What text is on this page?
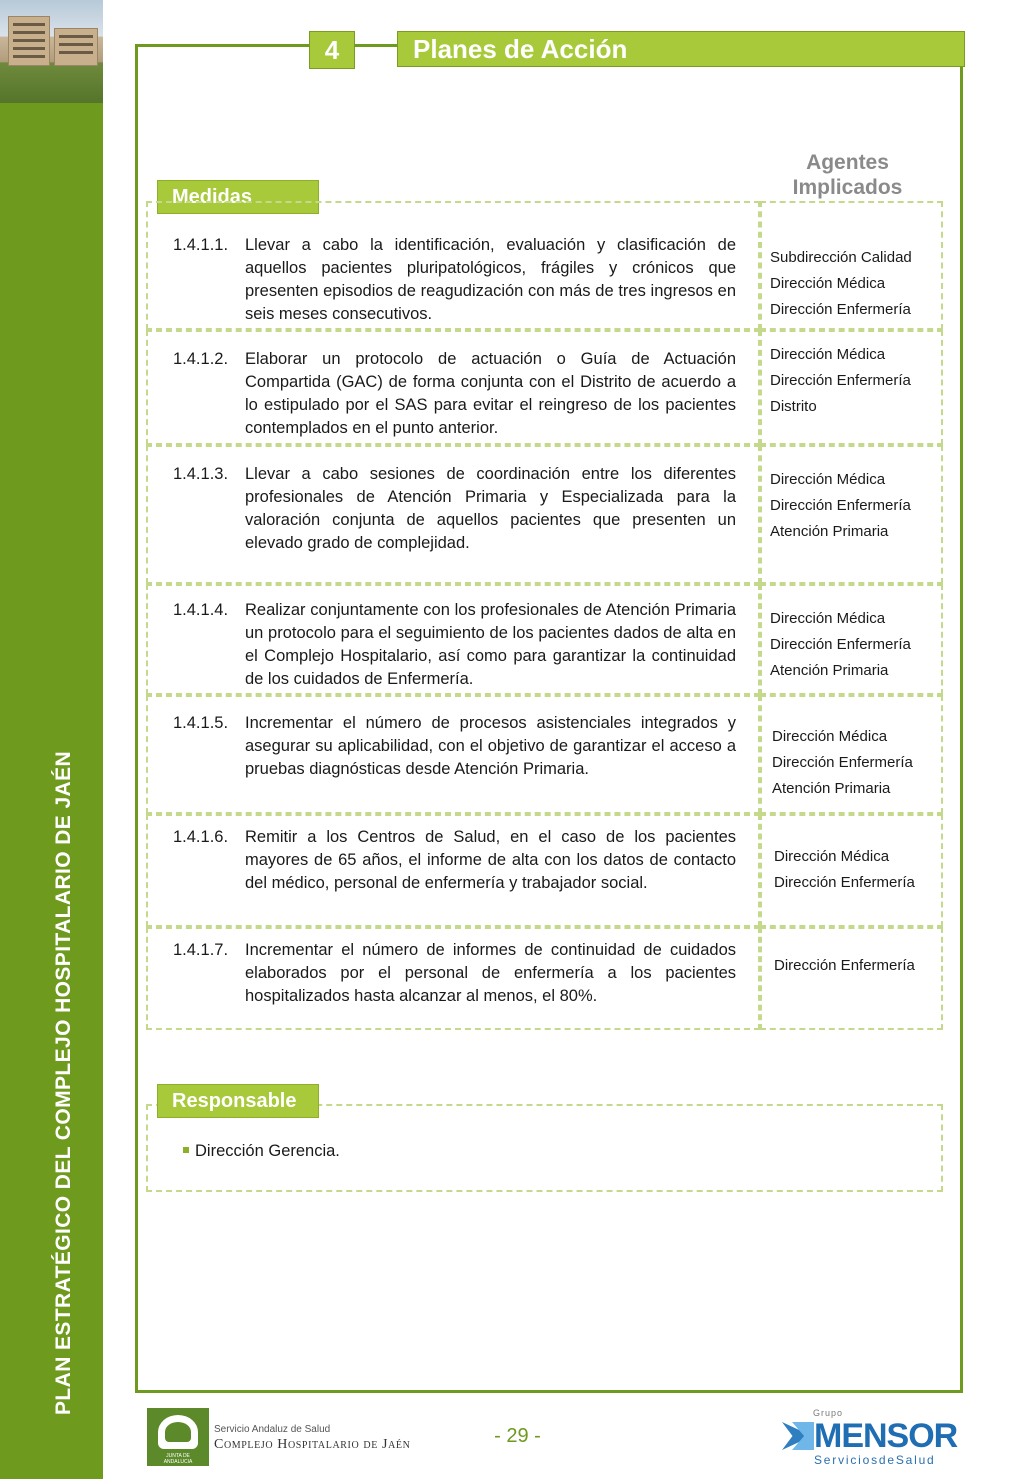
PLAN ESTRATÉGICO DEL COMPLEJO HOSPITALARIO DE JAÉN
4	Planes de Acción
Medidas
Agentes Implicados
1.4.1.1. Llevar a cabo la identificación, evaluación y clasificación de aquellos pacientes pluripatológicos, frágiles y crónicos que presenten episodios de reagudización con más de tres ingresos en seis meses consecutivos.
Subdirección Calidad
Dirección Médica
Dirección Enfermería
1.4.1.2. Elaborar un protocolo de actuación o Guía de Actuación Compartida (GAC) de forma conjunta con el Distrito de acuerdo a lo estipulado por el SAS para evitar el reingreso de los pacientes contemplados en el punto anterior.
Dirección Médica
Dirección Enfermería
Distrito
1.4.1.3. Llevar a cabo sesiones de coordinación entre los diferentes profesionales de Atención Primaria y Especializada para la valoración conjunta de aquellos pacientes que presenten un elevado grado de complejidad.
Dirección Médica
Dirección Enfermería
Atención Primaria
1.4.1.4. Realizar conjuntamente con los profesionales de Atención Primaria un protocolo para el seguimiento de los pacientes dados de alta en el Complejo Hospitalario, así como para garantizar la continuidad de los cuidados de Enfermería.
Dirección Médica
Dirección Enfermería
Atención Primaria
1.4.1.5. Incrementar el número de procesos asistenciales integrados y asegurar su aplicabilidad, con el objetivo de garantizar el acceso a pruebas diagnósticas desde Atención Primaria.
Dirección Médica
Dirección Enfermería
Atención Primaria
1.4.1.6. Remitir a los Centros de Salud, en el caso de los pacientes mayores de 65 años, el informe de alta con los datos de contacto del médico, personal de enfermería y trabajador social.
Dirección Médica
Dirección Enfermería
1.4.1.7. Incrementar el número de informes de continuidad de cuidados elaborados por el personal de enfermería a los pacientes hospitalizados hasta alcanzar al menos, el 80%.
Dirección Enfermería
Responsable
Dirección Gerencia.
JUNTA DE ANDALUCIA
Servicio Andaluz de Salud
Complejo Hospitalario de Jaén	- 29 -
Grupo
MENSOR
ServiciosdeSalud
